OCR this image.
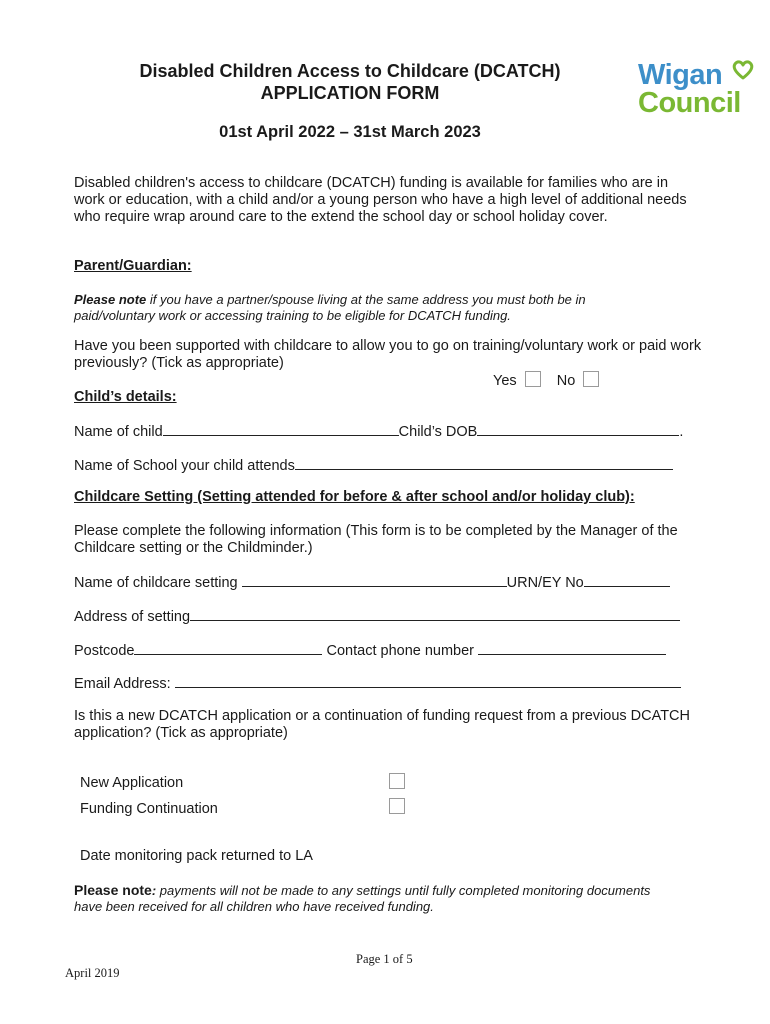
Disabled Children Access to Childcare (DCATCH)
APPLICATION FORM
01st April 2022 – 31st March 2023
Wigan
Council
Disabled children's access to childcare (DCATCH) funding is available for families who are in work or education, with a child and/or a young person who have a high level of additional needs who require wrap around care to the extend the school day or school holiday cover.
Parent/Guardian:
Please note if you have a partner/spouse living at the same address you must both be in paid/voluntary work or accessing training to be eligible for DCATCH funding.
Have you been supported with childcare to allow you to go on training/voluntary work or paid work previously? (Tick as appropriate)
Yes	No
Child’s details:
Name of child	Child’s DOB	.
Name of School your child attends
Childcare Setting (Setting attended for before & after school and/or holiday club):
Please complete the following information (This form is to be completed by the Manager of the Childcare setting or the Childminder.)
Name of childcare setting	URN/EY No
Address of setting
Postcode	Contact phone number
Email Address:
Is this a new DCATCH application or a continuation of funding request from a previous DCATCH application? (Tick as appropriate)
New Application
Funding Continuation
Date monitoring pack returned to LA
Please note: payments will not be made to any settings until fully completed monitoring documents have been received for all children who have received funding.
Page 1 of 5
April 2019
